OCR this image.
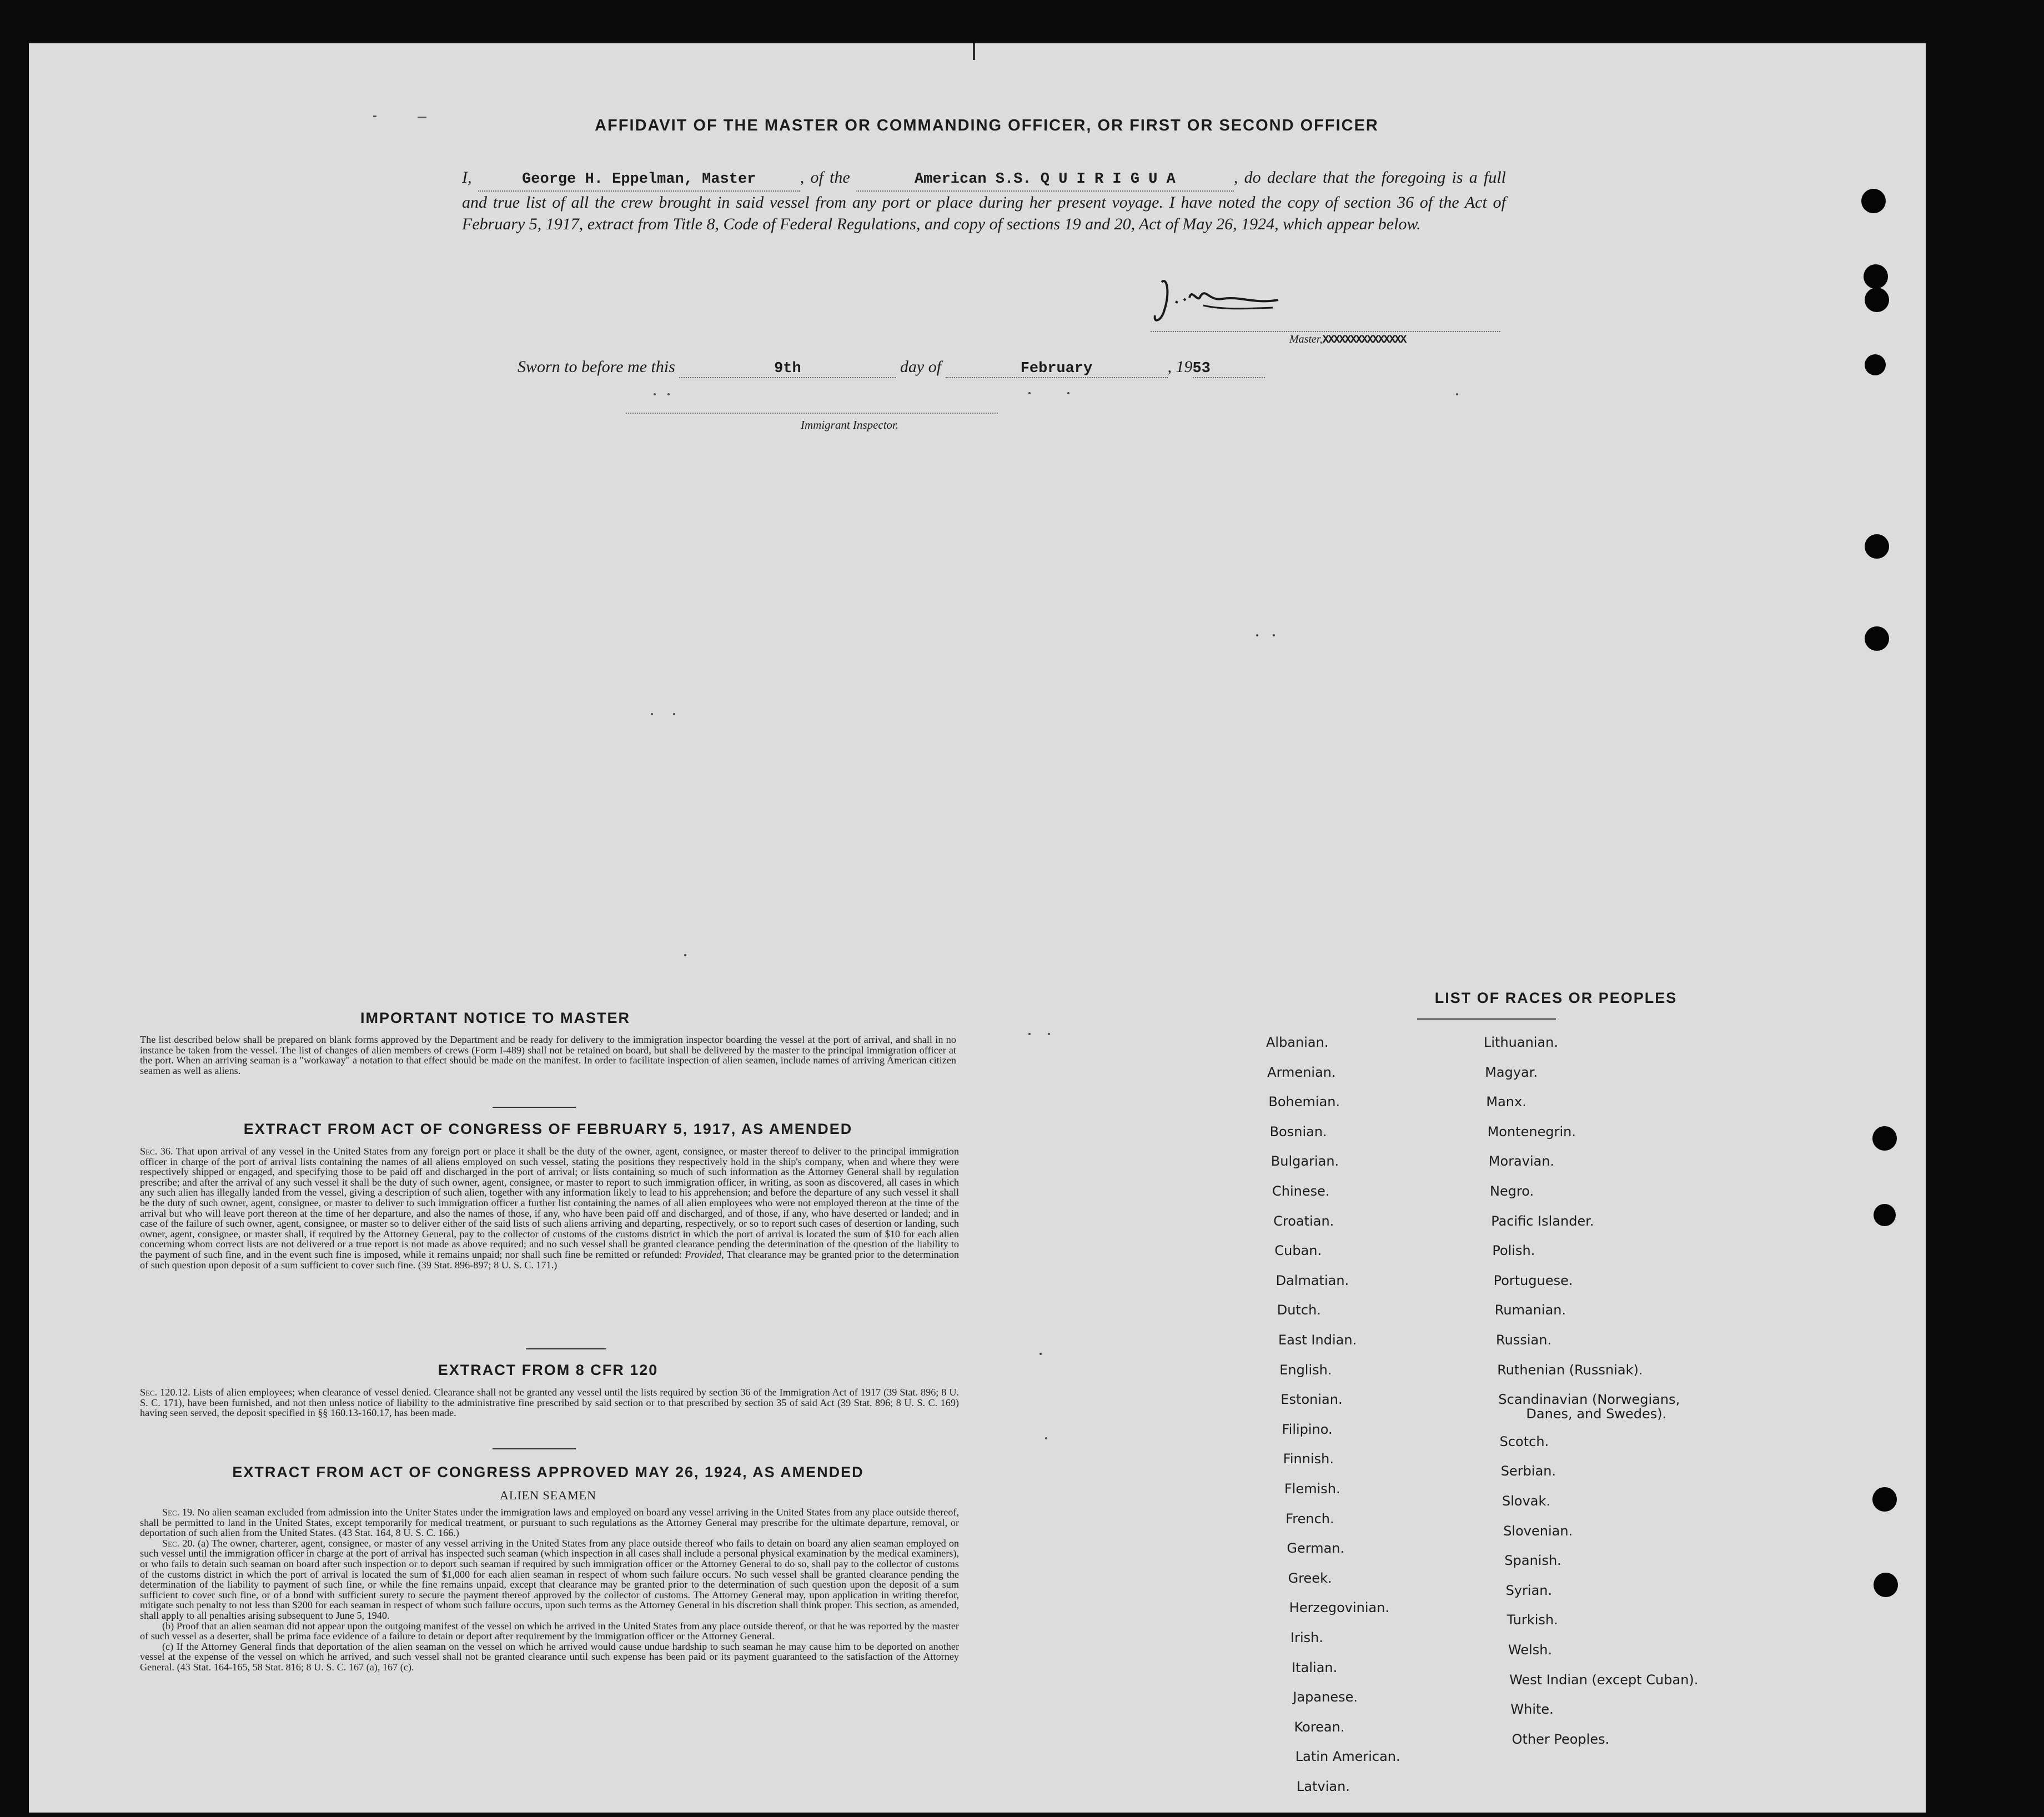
AFFIDAVIT OF THE MASTER OR COMMANDING OFFICER, OR FIRST OR SECOND OFFICER
I,	George H. Eppelman, Master	, of the	American S.S. Q U I R I G U A	, do declare that the foregoing is a full and true list of all the crew brought in said vessel from any port or place during her present voyage. I have noted the copy of section 36 of the Act of February 5, 1917, extract from Title 8, Code of Federal Regulations, and copy of sections 19 and 20, Act of May 26, 1924, which appear below.
Master,XXXXXXXXXXXXXXX
Sworn to before me this	9th	day of	February	, 1953
Immigrant Inspector.
IMPORTANT NOTICE TO MASTER
The list described below shall be prepared on blank forms approved by the Department and be ready for delivery to the immigration inspector boarding the vessel at the port of arrival, and shall in no instance be taken from the vessel. The list of changes of alien members of crews (Form I-489) shall not be retained on board, but shall be delivered by the master to the principal immigration officer at the port. When an arriving seaman is a "workaway" a notation to that effect should be made on the manifest. In order to facilitate inspection of alien seamen, include names of arriving American citizen seamen as well as aliens.
EXTRACT FROM ACT OF CONGRESS OF FEBRUARY 5, 1917, AS AMENDED
Sec. 36. That upon arrival of any vessel in the United States from any foreign port or place it shall be the duty of the owner, agent, consignee, or master thereof to deliver to the principal immigration officer in charge of the port of arrival lists containing the names of all aliens employed on such vessel, stating the positions they respectively hold in the ship's company, when and where they were respectively shipped or engaged, and specifying those to be paid off and discharged in the port of arrival; or lists containing so much of such information as the Attorney General shall by regulation prescribe; and after the arrival of any such vessel it shall be the duty of such owner, agent, consignee, or master to report to such immigration officer, in writing, as soon as discovered, all cases in which any such alien has illegally landed from the vessel, giving a description of such alien, together with any information likely to lead to his apprehension; and before the departure of any such vessel it shall be the duty of such owner, agent, consignee, or master to deliver to such immigration officer a further list containing the names of all alien employees who were not employed thereon at the time of the arrival but who will leave port thereon at the time of her departure, and also the names of those, if any, who have been paid off and discharged, and of those, if any, who have deserted or landed; and in case of the failure of such owner, agent, consignee, or master so to deliver either of the said lists of such aliens arriving and departing, respectively, or so to report such cases of desertion or landing, such owner, agent, consignee, or master shall, if required by the Attorney General, pay to the collector of customs of the customs district in which the port of arrival is located the sum of $10 for each alien concerning whom correct lists are not delivered or a true report is not made as above required; and no such vessel shall be granted clearance pending the determination of the question of the liability to the payment of such fine, and in the event such fine is imposed, while it remains unpaid; nor shall such fine be remitted or refunded: Provided, That clearance may be granted prior to the determination of such question upon deposit of a sum sufficient to cover such fine. (39 Stat. 896-897; 8 U. S. C. 171.)
EXTRACT FROM 8 CFR 120
Sec. 120.12. Lists of alien employees; when clearance of vessel denied. Clearance shall not be granted any vessel until the lists required by section 36 of the Immigration Act of 1917 (39 Stat. 896; 8 U. S. C. 171), have been furnished, and not then unless notice of liability to the administrative fine prescribed by said section or to that prescribed by section 35 of said Act (39 Stat. 896; 8 U. S. C. 169) having seen served, the deposit specified in §§ 160.13-160.17, has been made.
EXTRACT FROM ACT OF CONGRESS APPROVED MAY 26, 1924, AS AMENDED
ALIEN SEAMEN
Sec. 19. No alien seaman excluded from admission into the Uniter States under the immigration laws and employed on board any vessel arriving in the United States from any place outside thereof, shall be permitted to land in the United States, except temporarily for medical treatment, or pursuant to such regulations as the Attorney General may prescribe for the ultimate departure, removal, or deportation of such alien from the United States. (43 Stat. 164, 8 U. S. C. 166.)
Sec. 20. (a) The owner, charterer, agent, consignee, or master of any vessel arriving in the United States from any place outside thereof who fails to detain on board any alien seaman employed on such vessel until the immigration officer in charge at the port of arrival has inspected such seaman (which inspection in all cases shall include a personal physical examination by the medical examiners), or who fails to detain such seaman on board after such inspection or to deport such seaman if required by such immigration officer or the Attorney General to do so, shall pay to the collector of customs of the customs district in which the port of arrival is located the sum of $1,000 for each alien seaman in respect of whom such failure occurs. No such vessel shall be granted clearance pending the determination of the liability to payment of such fine, or while the fine remains unpaid, except that clearance may be granted prior to the determination of such question upon the deposit of a sum sufficient to cover such fine, or of a bond with sufficient surety to secure the payment thereof approved by the collector of customs. The Attorney General may, upon application in writing therefor, mitigate such penalty to not less than $200 for each seaman in respect of whom such failure occurs, upon such terms as the Attorney General in his discretion shall think proper. This section, as amended, shall apply to all penalties arising subsequent to June 5, 1940.
(b) Proof that an alien seaman did not appear upon the outgoing manifest of the vessel on which he arrived in the United States from any place outside thereof, or that he was reported by the master of such vessel as a deserter, shall be prima face evidence of a failure to detain or deport after requirement by the immigration officer or the Attorney General.
(c) If the Attorney General finds that deportation of the alien seaman on the vessel on which he arrived would cause undue hardship to such seaman he may cause him to be deported on another vessel at the expense of the vessel on which he arrived, and such vessel shall not be granted clearance until such expense has been paid or its payment guaranteed to the satisfaction of the Attorney General. (43 Stat. 164-165, 58 Stat. 816; 8 U. S. C. 167 (a), 167 (c).
LIST OF RACES OR PEOPLES
Albanian.
Armenian.
Bohemian.
Bosnian.
Bulgarian.
Chinese.
Croatian.
Cuban.
Dalmatian.
Dutch.
East Indian.
English.
Estonian.
Filipino.
Finnish.
Flemish.
French.
German.
Greek.
Herzegovinian.
Irish.
Italian.
Japanese.
Korean.
Latin American.
Latvian.
Lithuanian.
Magyar.
Manx.
Montenegrin.
Moravian.
Negro.
Pacific Islander.
Polish.
Portuguese.
Rumanian.
Russian.
Ruthenian (Russniak).
Scandinavian (Norwegians,
Danes, and Swedes).
Scotch.
Serbian.
Slovak.
Slovenian.
Spanish.
Syrian.
Turkish.
Welsh.
West Indian (except Cuban).
White.
Other Peoples.
